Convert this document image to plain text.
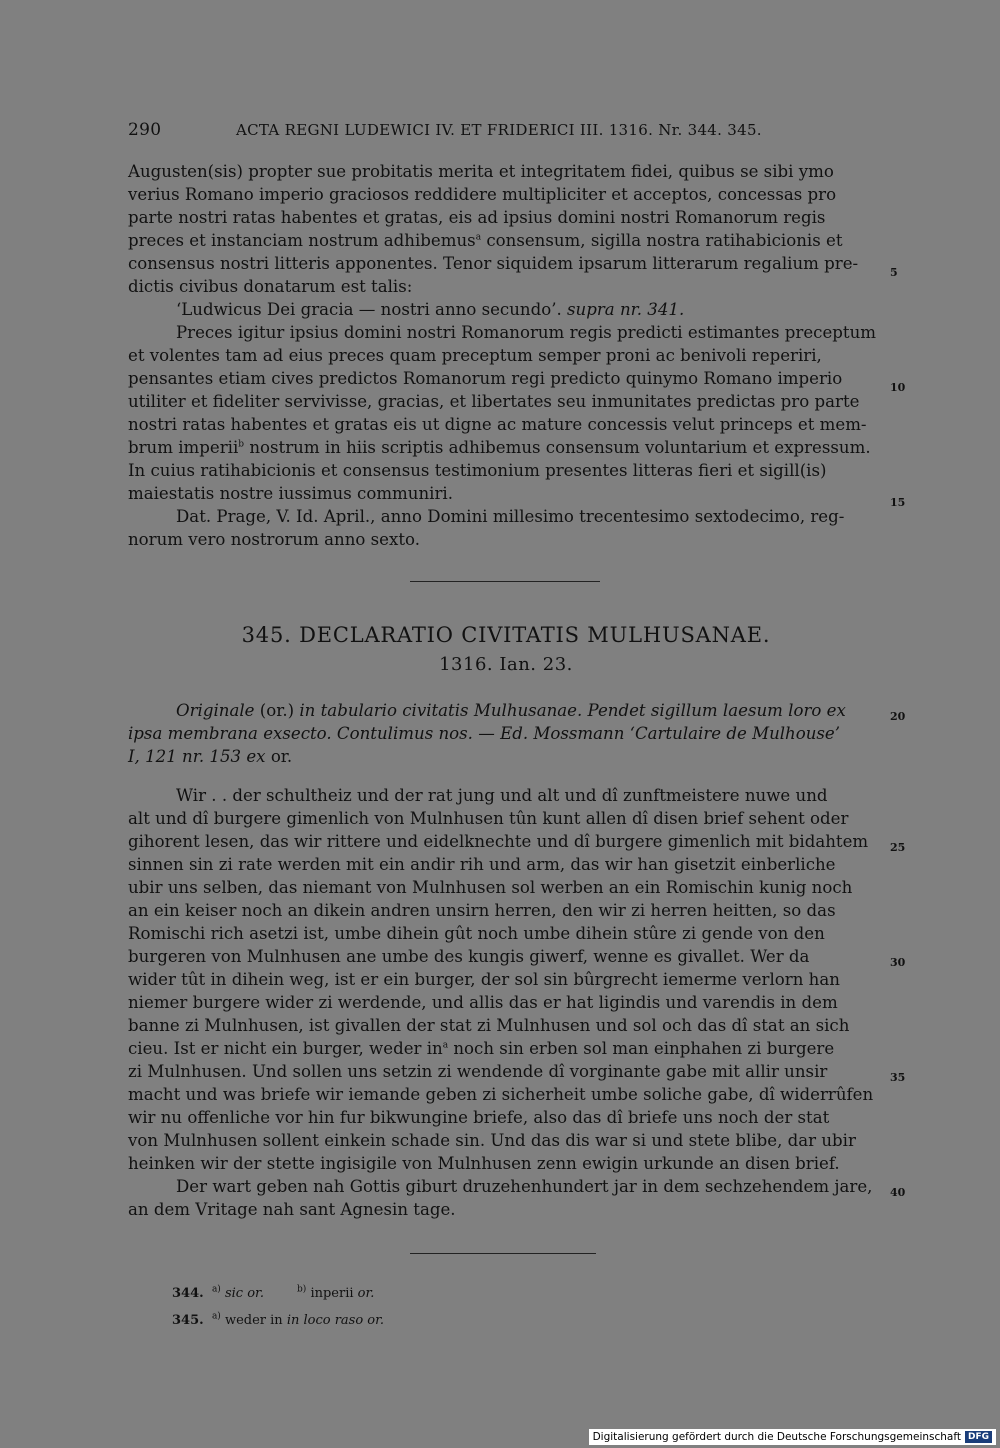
290	ACTA REGNI LUDEWICI IV. ET FRIDERICI III. 1316. Nr. 344. 345.
Augusten(sis) propter sue probitatis merita et integritatem fidei, quibus se sibi ymo
verius Romano imperio graciosos reddidere multipliciter et acceptos, concessas pro
parte nostri ratas habentes et gratas, eis ad ipsius domini nostri Romanorum regis
preces et instanciam nostrum adhibemus$^a$ consensum, sigilla nostra ratihabicionis et
consensus nostri litteris apponentes. Tenor siquidem ipsarum litterarum regalium pre-
dictis civibus donatarum est talis:
‘Ludwicus Dei gracia — nostri anno secundo’. supra nr. 341.
Preces igitur ipsius domini nostri Romanorum regis predicti estimantes preceptum
et volentes tam ad eius preces quam preceptum semper proni ac benivoli reperiri,
pensantes etiam cives predictos Romanorum regi predicto quinymo Romano imperio
utiliter et fideliter servivisse, gracias, et libertates seu inmunitates predictas pro parte
nostri ratas habentes et gratas eis ut digne ac mature concessis velut princeps et mem-
brum imperii$^b$ nostrum in hiis scriptis adhibemus consensum voluntarium et expressum.
In cuius ratihabicionis et consensus testimonium presentes litteras fieri et sigill(is)
maiestatis nostre iussimus communiri.
Dat. Prage, V. Id. April., anno Domini millesimo trecentesimo sextodecimo, reg-
norum vero nostrorum anno sexto.
345. DECLARATIO CIVITATIS MULHUSANAE.
1316. Ian. 23.
Originale (or.) in tabulario civitatis Mulhusanae. Pendet sigillum laesum loro ex
ipsa membrana exsecto. Contulimus nos. — Ed. Mossmann ‘Cartulaire de Mulhouse’
I, 121 nr. 153 ex or.
Wir . . der schultheiz und der rat jung und alt und dî zunftmeistere nuwe und
alt und dî burgere gimenlich von Mulnhusen tûn kunt allen dî disen brief sehent oder
gihorent lesen, das wir rittere und eidelknechte und dî burgere gimenlich mit bidahtem
sinnen sin zi rate werden mit ein andir rih und arm, das wir han gisetzit einberliche
ubir uns selben, das niemant von Mulnhusen sol werben an ein Romischin kunig noch
an ein keiser noch an dikein andren unsirn herren, den wir zi herren heitten, so das
Romischi rich asetzi ist, umbe dihein gût noch umbe dihein stûre zi gende von den
burgeren von Mulnhusen ane umbe des kungis giwerf, wenne es givallet. Wer da
wider tût in dihein weg, ist er ein burger, der sol sin bûrgrecht iemerme verlorn han
niemer burgere wider zi werdende, und allis das er hat ligindis und varendis in dem
banne zi Mulnhusen, ist givallen der stat zi Mulnhusen und sol och das dî stat an sich
cieu. Ist er nicht ein burger, weder $in^a$ noch sin erben sol man einphahen zi burgere
zi Mulnhusen. Und sollen uns setzin zi wendende dî vorginante gabe mit allir unsir
macht und was briefe wir iemande geben zi sicherheit umbe soliche gabe, dî widerrûfen
wir nu offenliche vor hin fur bikwungine briefe, also das dî briefe uns noch der stat
von Mulnhusen sollent einkein schade sin. Und das dis war si und stete blibe, dar ubir
heinken wir der stette ingisigile von Mulnhusen zenn ewigin urkunde an disen brief.
Der wart geben nah Gottis giburt druzehenhundert jar in dem sechzehendem jare,
an dem Vritage nah sant Agnesin tage.
5
10
15
20
25
30
35
40
344. $^{a)}$ sic or.	$^{b)}$ inperii or.
345. $^{a)}$ weder in in loco raso or.
Digitalisierung gefördert durch die Deutsche Forschungsgemeinschaft DFG
